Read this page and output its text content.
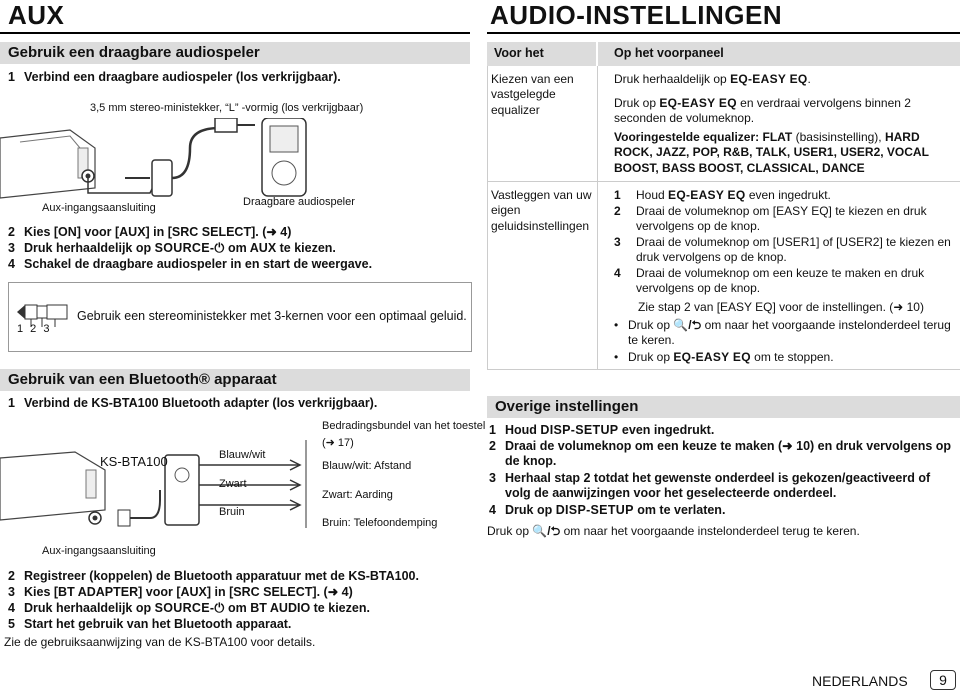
AUX
Gebruik een draagbare audiospeler
1 Verbind een draagbare audiospeler (los verkrijgbaar).
3,5 mm stereo-ministekker, “L” -vormig (los verkrijgbaar)
Aux-ingangsaansluiting	Draagbare audiospeler
2 Kies [ON] voor [AUX] in [SRC SELECT]. (➜ 4)
3 Druk herhaaldelijk op SOURCE-⏻ om AUX te kiezen.
4 Schakel de draagbare audiospeler in en start de weergave.
1 2 3
Gebruik een stereoministekker met 3-kernen voor een optimaal geluid.
Gebruik van een Bluetooth® apparaat
1 Verbind de KS-BTA100 Bluetooth adapter (los verkrijgbaar).
KS-BTA100	Blauw/wit
Zwart
Bruin
Bedradingsbundel van het toestel
(➜ 17)
Blauw/wit: Afstand
Zwart: Aarding
Bruin: Telefoondemping
Aux-ingangsaansluiting
2 Registreer (koppelen) de Bluetooth apparatuur met de KS-BTA100.
3 Kies [BT ADAPTER] voor [AUX] in [SRC SELECT]. (➜ 4)
4 Druk herhaaldelijk op SOURCE-⏻ om BT AUDIO te kiezen.
5 Start het gebruik van het Bluetooth apparaat.
Zie de gebruiksaanwijzing van de KS-BTA100 voor details.
AUDIO-INSTELLINGEN
Voor het	Op het voorpaneel
Kiezen van een vastgelegde equalizer
Druk herhaaldelijk op EQ-EASY EQ.
Druk op EQ-EASY EQ en verdraai vervolgens binnen 2 seconden de volumeknop.
Vooringestelde equalizer: FLAT (basisinstelling), HARD ROCK, JAZZ, POP, R&B, TALK, USER1, USER2, VOCAL BOOST, BASS BOOST, CLASSICAL, DANCE
Vastleggen van uw eigen geluidsinstellingen
1 Houd EQ-EASY EQ even ingedrukt.
2 Draai de volumeknop om [EASY EQ] te kiezen en druk vervolgens op de knop.
3 Draai de volumeknop om [USER1] of [USER2] te kiezen en druk vervolgens op de knop.
4 Draai de volumeknop om een keuze te maken en druk vervolgens op de knop.
Zie stap 2 van [EASY EQ] voor de instellingen. (➜ 10)
• Druk op 🔍/⮌ om naar het voorgaande instelonderdeel terug te keren.
• Druk op EQ-EASY EQ om te stoppen.
Overige instellingen
1 Houd DISP-SETUP even ingedrukt.
2 Draai de volumeknop om een keuze te maken (➜ 10) en druk vervolgens op de knop.
3 Herhaal stap 2 totdat het gewenste onderdeel is gekozen/geactiveerd of volg de aanwijzingen voor het geselecteerde onderdeel.
4 Druk op DISP-SETUP om te verlaten.
Druk op 🔍/⮌ om naar het voorgaande instelonderdeel terug te keren.
NEDERLANDS	9
